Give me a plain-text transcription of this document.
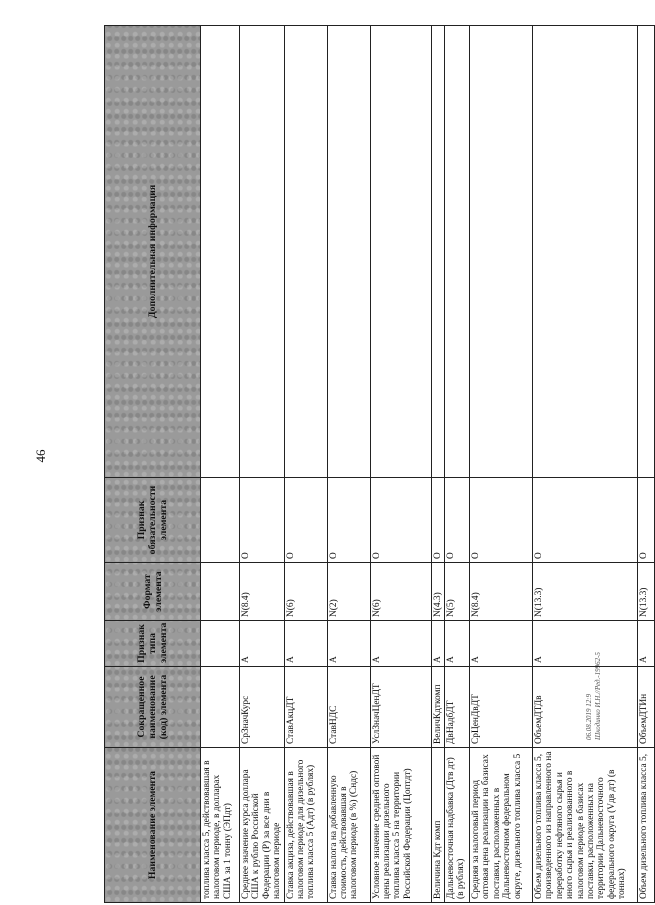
46
06.08.2019 12:9 Шкодинко И.Н.//Ред.-19962-5
Наименование элемента	Сокращенное наименование (код) элемента	Признак типа элемента	Формат элемента	Признак обязательности элемента	Дополнительная информация
топлива класса 5, действовавшая в налоговом периоде, в долларах США за 1 тонну (ЭПдт)					
Среднее значение курса доллара США к рублю Российской Федерации (Р) за все дни в налоговом периоде	СрЗначКурс	А	N(8.4)	О	
Ставка акциза, действовавшая в налоговом периоде для дизельного топлива класса 5 (Адт) (в рублях)	СтавАкцДТ	А	N(6)	О	
Ставка налога на добавленную стоимость, действовавшая в налоговом периоде (в %) (Сндс)	СтавНДС	А	N(2)	О	
Условное значение средней оптовой цены реализации дизельного топлива класса 5 на территории Российской Федерации (Цоптдт)	УслЗначЦенДТ	А	N(6)	О	
Величина Кдт комп	ВеличКдткомп	А	N(4.3)	О	
Дальневосточная надбавка (Дтв дт)(в рублях)	ДвНадбДТ	А	N(5)	О	
Средняя за налоговый период оптовая цена реализации на базисах поставки, расположенных в Дальневосточном федеральном округе, дизельного топлива класса 5	СрЦенДвДТ	А	N(8.4)	О	
Объем дизельного топлива класса 5, произведенного из направленного на переработку нефтяного сырья и иного сырья и реализованного в налоговом периоде в базисах поставки, расположенных на территории Дальневосточного федерального округа (Vдв дт) (в тоннах)	ОбъемДТДв	А	N(13.3)	О	
Объем дизельного топлива класса 5,	ОбъемДТИн	А	N(13.3)	О	
